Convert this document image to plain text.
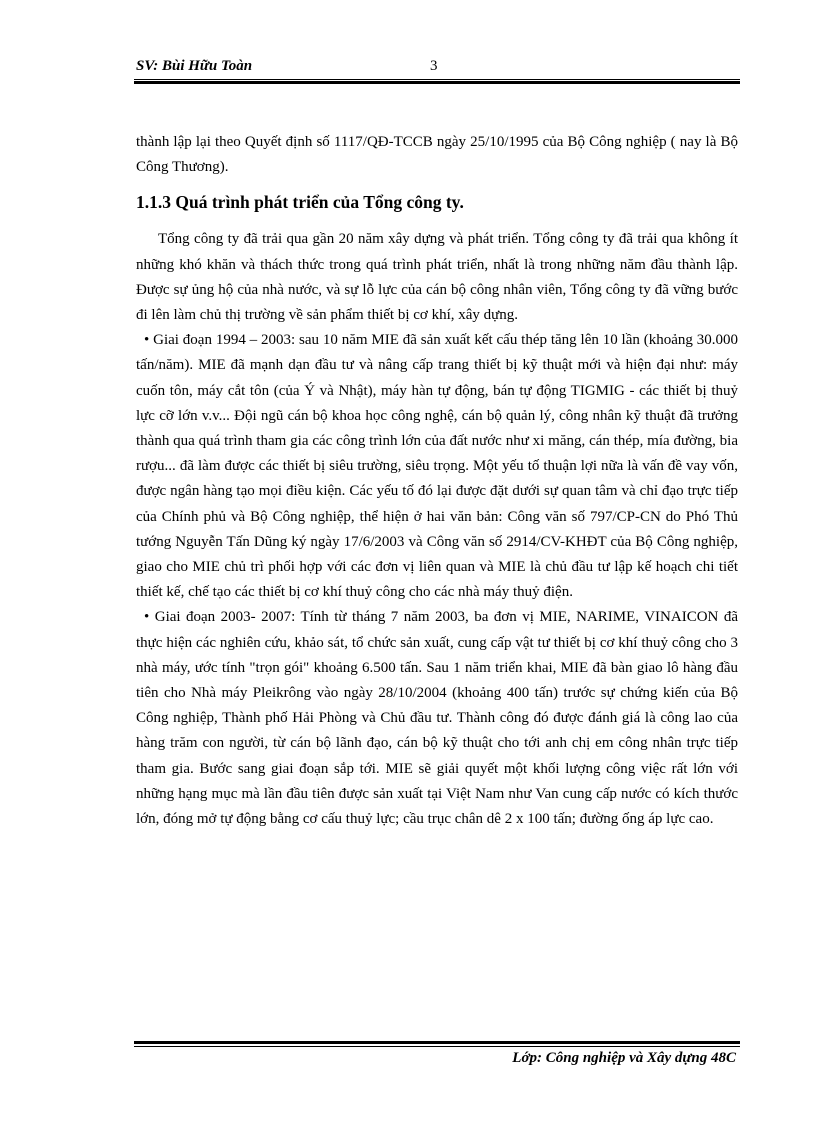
SV: Bùi Hữu Toàn	3

thành lập lại theo Quyết định số 1117/QĐ-TCCB ngày 25/10/1995 của Bộ Công nghiệp ( nay là Bộ Công Thương).

1.1.3 Quá trình phát triển của Tổng công ty.

Tổng công ty đã trải qua gần 20 năm xây dựng và phát triển. Tổng công ty đã trải qua không ít những khó khăn và thách thức trong quá trình phát triển, nhất là trong những năm đầu thành lập. Được sự ủng hộ của nhà nước, và sự lỗ lực của cán bộ công nhân viên, Tổng công ty đã vững bước đi lên làm chủ thị trường về sản phẩm thiết bị cơ khí, xây dựng.

• Giai đoạn 1994 – 2003: sau 10 năm MIE đã sản xuất kết cấu thép tăng lên 10 lần (khoảng 30.000 tấn/năm). MIE đã mạnh dạn đầu tư và nâng cấp trang thiết bị kỹ thuật mới và hiện đại như: máy cuốn tôn, máy cắt tôn (của Ý và Nhật), máy hàn tự động, bán tự động TIGMIG - các thiết bị thuỷ lực cỡ lớn v.v... Đội ngũ cán bộ khoa học công nghệ, cán bộ quản lý, công nhân kỹ thuật đã trưởng thành qua quá trình tham gia các công trình lớn của đất nước như xi măng, cán thép, mía đường, bia rượu... đã làm được các thiết bị siêu trường, siêu trọng. Một yếu tố thuận lợi nữa là vấn đề vay vốn, được ngân hàng tạo mọi điều kiện. Các yếu tố đó lại được đặt dưới sự quan tâm và chỉ đạo trực tiếp của Chính phủ và Bộ Công nghiệp, thể hiện ở hai văn bản: Công văn số 797/CP-CN do Phó Thủ tướng Nguyễn Tấn Dũng ký ngày 17/6/2003 và Công văn số 2914/CV-KHĐT của Bộ Công nghiệp, giao cho MIE chủ trì phối hợp với các đơn vị liên quan và MIE là chủ đầu tư lập kế hoạch chi tiết thiết kế, chế tạo các thiết bị cơ khí thuỷ công cho các nhà máy thuỷ điện.

• Giai đoạn 2003- 2007: Tính từ tháng 7 năm 2003, ba đơn vị MIE, NARIME, VINAICON đã thực hiện các nghiên cứu, khảo sát, tổ chức sản xuất, cung cấp vật tư thiết bị cơ khí thuỷ công cho 3 nhà máy, ước tính "trọn gói" khoảng 6.500 tấn. Sau 1 năm triển khai, MIE đã bàn giao lô hàng đầu tiên cho Nhà máy Pleikrông vào ngày 28/10/2004 (khoảng 400 tấn) trước sự chứng kiến của Bộ Công nghiệp, Thành phố Hải Phòng và Chủ đầu tư. Thành công đó được đánh giá là công lao của hàng trăm con người, từ cán bộ lãnh đạo, cán bộ kỹ thuật cho tới anh chị em công nhân trực tiếp tham gia. Bước sang giai đoạn sắp tới. MIE sẽ giải quyết một khối lượng công việc rất lớn với những hạng mục mà lần đầu tiên được sản xuất tại Việt Nam như Van cung cấp nước có kích thước lớn, đóng mở tự động bằng cơ cấu thuỷ lực; cầu trục chân dê 2 x 100 tấn; đường ống áp lực cao.

Lớp: Công nghiệp và Xây dựng 48C
